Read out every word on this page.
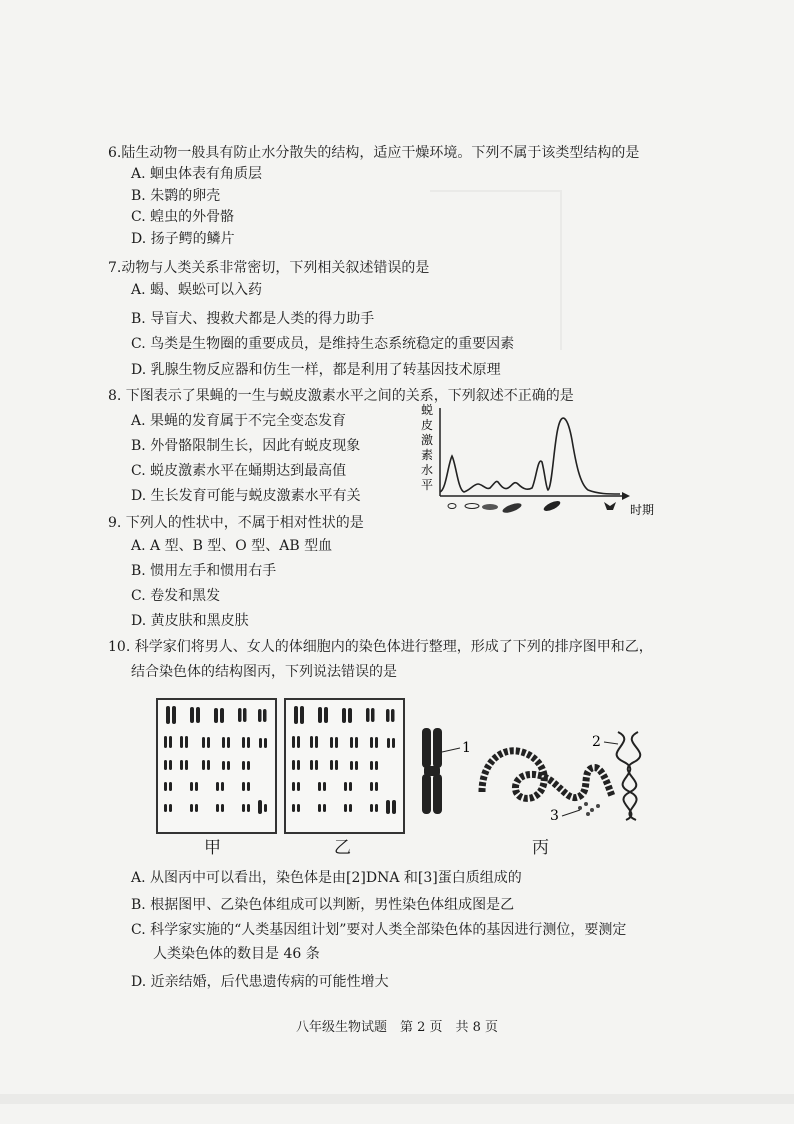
6.陆生动物一般具有防止水分散失的结构，适应干燥环境。下列不属于该类型结构的是
A. 蛔虫体表有角质层
B. 朱鹮的卵壳
C. 蝗虫的外骨骼
D. 扬子鳄的鳞片
7.动物与人类关系非常密切，下列相关叙述错误的是
A. 蝎、蜈蚣可以入药
B. 导盲犬、搜救犬都是人类的得力助手
C. 鸟类是生物圈的重要成员，是维持生态系统稳定的重要因素
D. 乳腺生物反应器和仿生一样，都是利用了转基因技术原理
8. 下图表示了果蝇的一生与蜕皮激素水平之间的关系，下列叙述不正确的是
A. 果蝇的发育属于不完全变态发育
B. 外骨骼限制生长，因此有蜕皮现象
C. 蜕皮激素水平在蛹期达到最高值
D. 生长发育可能与蜕皮激素水平有关
蜕
皮
激
素
水
平
时期
9. 下列人的性状中，不属于相对性状的是
A. A 型、B 型、O 型、AB 型血
B. 惯用左手和惯用右手
C. 卷发和黑发
D. 黄皮肤和黑皮肤
10. 科学家们将男人、女人的体细胞内的染色体进行整理，形成了下列的排序图甲和乙，
结合染色体的结构图丙，下列说法错误的是
1	2
3
甲	乙	丙
A. 从图丙中可以看出，染色体是由[2]DNA 和[3]蛋白质组成的
B. 根据图甲、乙染色体组成可以判断，男性染色体组成图是乙
C. 科学家实施的“人类基因组计划”要对人类全部染色体的基因进行测位，要测定
人类染色体的数目是 46 条
D. 近亲结婚，后代患遗传病的可能性增大
八年级生物试题　第 2 页　共 8 页
